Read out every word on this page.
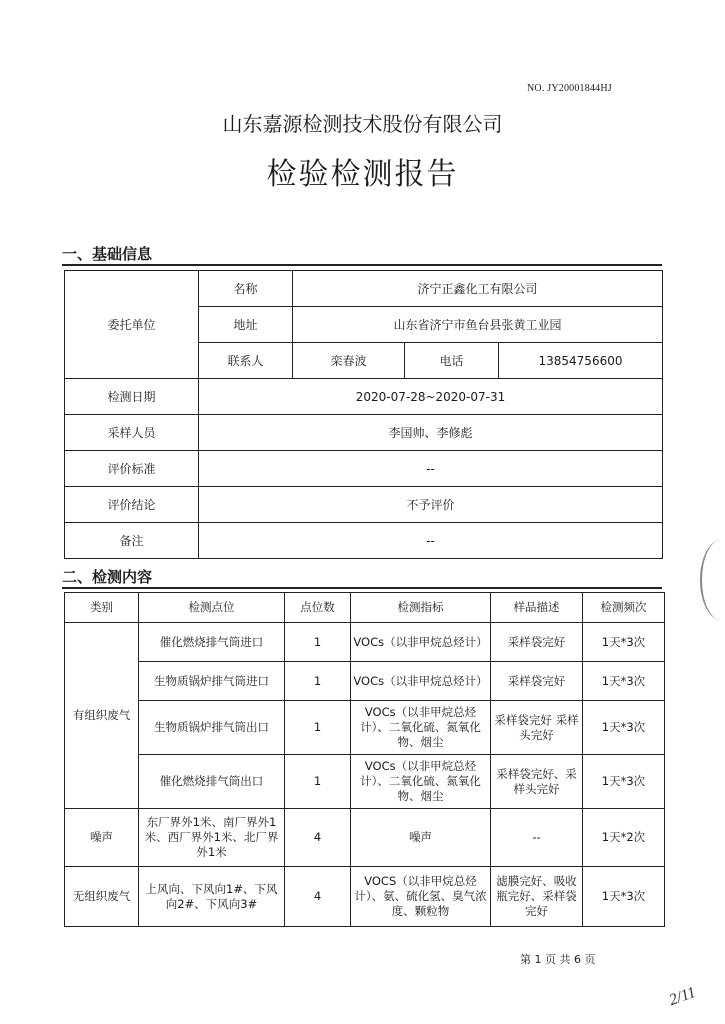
NO. JY20001844HJ
山东嘉源检测技术股份有限公司
检验检测报告
一、基础信息
委托单位	名称	济宁正鑫化工有限公司		
	地址	山东省济宁市鱼台县张黄工业园		
	联系人	栾春波	电话	13854756600
检测日期	2020-07-28~2020-07-31			
采样人员	李国帅、李修彪			
评价标准	--			
评价结论	不予评价			
备注	--			
二、检测内容
类别	检测点位	点位数	检测指标	样品描述	检测频次
有组织废气	催化燃烧排气筒进口	1	VOCs（以非甲烷总烃计）	采样袋完好	1天*3次
	生物质锅炉排气筒进口	1	VOCs（以非甲烷总烃计）	采样袋完好	1天*3次
	生物质锅炉排气筒出口	1	VOCs（以非甲烷总烃计）、二氧化硫、氮氧化物、烟尘	采样袋完好 采样头完好	1天*3次
	催化燃烧排气筒出口	1	VOCs（以非甲烷总烃计）、二氧化硫、氮氧化物、烟尘	采样袋完好、采样头完好	1天*3次
噪声	东厂界外1米、南厂界外1米、西厂界外1米、北厂界外1米	4	噪声	--	1天*2次
无组织废气	上风向、下风向1#、下风向2#、下风向3#	4	VOCS（以非甲烷总烃计）、氨、硫化氢、臭气浓度、颗粒物	滤膜完好、吸收瓶完好、采样袋完好	1天*3次
第 1 页 共 6 页
2/11
